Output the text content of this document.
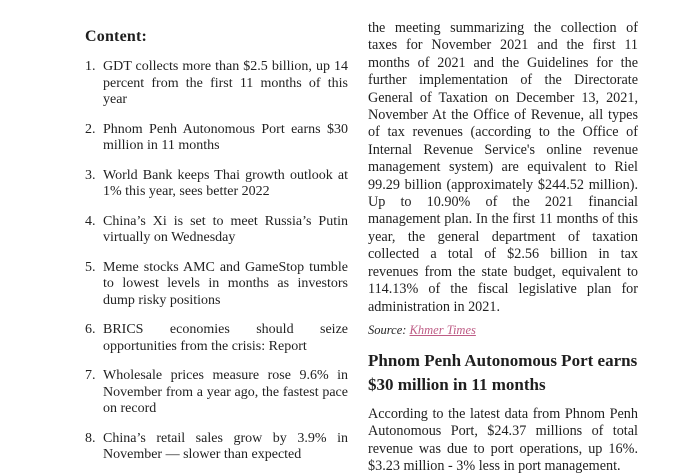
Content:
1. GDT collects more than $2.5 billion, up 14 percent from the first 11 months of this year
2. Phnom Penh Autonomous Port earns $30 million in 11 months
3. World Bank keeps Thai growth outlook at 1% this year, sees better 2022
4. China’s Xi is set to meet Russia’s Putin virtually on Wednesday
5. Meme stocks AMC and GameStop tumble to lowest levels in months as investors dump risky positions
6. BRICS economies should seize opportunities from the crisis: Report
7. Wholesale prices measure rose 9.6% in November from a year ago, the fastest pace on record
8. China’s retail sales grow by 3.9% in November — slower than expected
the meeting summarizing the collection of taxes for November 2021 and the first 11 months of 2021 and the Guidelines for the further implementation of the Directorate General of Taxation on December 13, 2021, November At the Office of Revenue, all types of tax revenues (according to the Office of Internal Revenue Service's online revenue management system) are equivalent to Riel 99.29 billion (approximately $244.52 million). Up to 10.90% of the 2021 financial management plan. In the first 11 months of this year, the general department of taxation collected a total of $2.56 billion in tax revenues from the state budget, equivalent to 114.13% of the fiscal legislative plan for administration in 2021.
Source: Khmer Times
Phnom Penh Autonomous Port earns $30 million in 11 months
According to the latest data from Phnom Penh Autonomous Port, $24.37 millions of total revenue was due to port operations, up 16%. $3.23 million - 3% less in port management.
